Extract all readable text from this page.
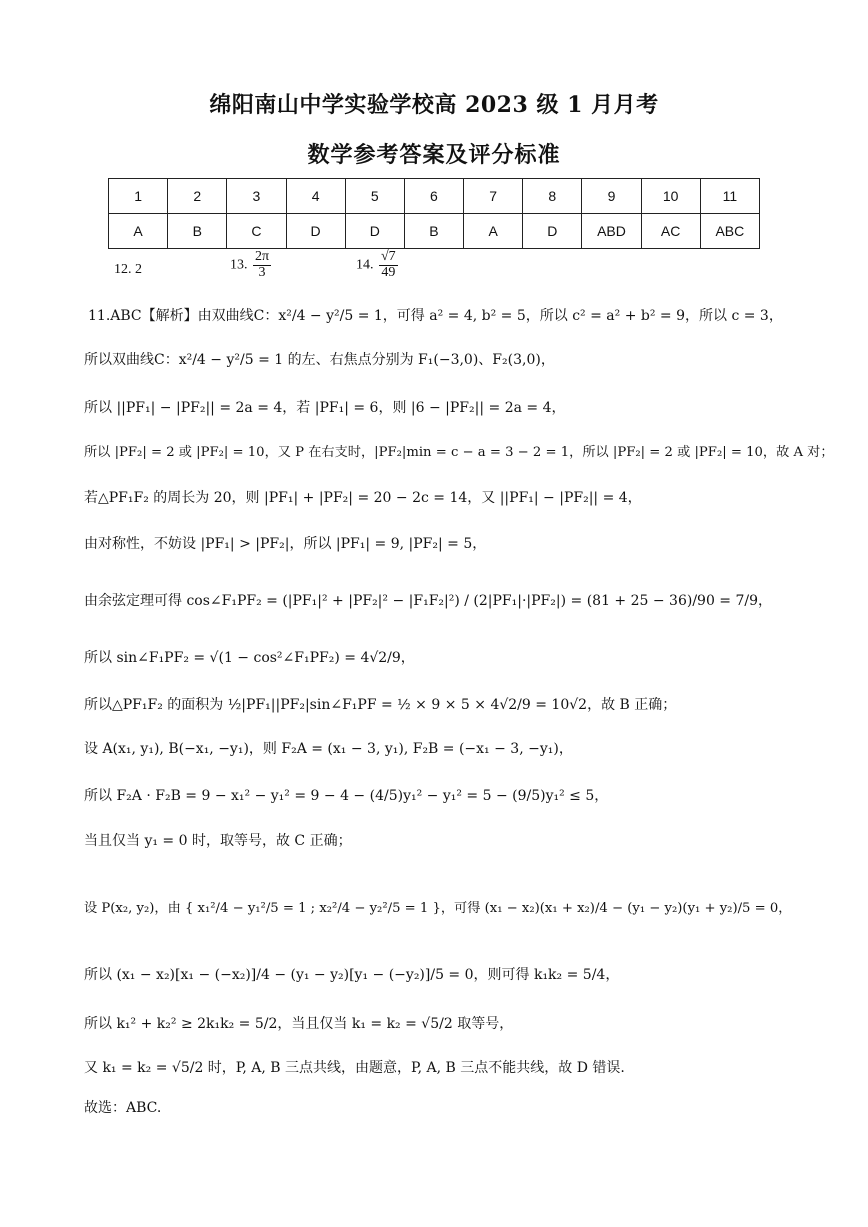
绵阳南山中学实验学校高 2023 级 1 月月考
数学参考答案及评分标准
1	2	3	4	5	6	7	8	9	10	11
A	B	C	D	D	B	A	D	ABD	AC	ABC
12. 2	13. $\frac{2\pi}{3}$	14. $\frac{√7}{49}$
11.ABC【解析】由双曲线C：x²/4 − y²/5 = 1，可得 a² = 4, b² = 5，所以 c² = a² + b² = 9，所以 c = 3，
所以双曲线C：x²/4 − y²/5 = 1 的左、右焦点分别为 F₁(−3,0)、F₂(3,0)，
所以 ||PF₁| − |PF₂|| = 2a = 4，若 |PF₁| = 6，则 |6 − |PF₂|| = 2a = 4，
所以 |PF₂| = 2 或 |PF₂| = 10，又 P 在右支时，|PF₂|min = c − a = 3 − 2 = 1，所以 |PF₂| = 2 或 |PF₂| = 10，故 A 对；
若△PF₁F₂ 的周长为 20，则 |PF₁| + |PF₂| = 20 − 2c = 14，又 ||PF₁| − |PF₂|| = 4，
由对称性，不妨设 |PF₁| > |PF₂|，所以 |PF₁| = 9, |PF₂| = 5，
由余弦定理可得 cos∠F₁PF₂ = (|PF₁|² + |PF₂|² − |F₁F₂|²) / (2|PF₁|·|PF₂|) = (81 + 25 − 36)/90 = 7/9，
所以 sin∠F₁PF₂ = √(1 − cos²∠F₁PF₂) = 4√2/9，
所以△PF₁F₂ 的面积为 ½|PF₁||PF₂|sin∠F₁PF = ½ × 9 × 5 × 4√2/9 = 10√2，故 B 正确；
设 A(x₁, y₁), B(−x₁, −y₁)，则 F₂A = (x₁ − 3, y₁), F₂B = (−x₁ − 3, −y₁)，
所以 F₂A · F₂B = 9 − x₁² − y₁² = 9 − 4 − (4/5)y₁² − y₁² = 5 − (9/5)y₁² ≤ 5，
当且仅当 y₁ = 0 时，取等号，故 C 正确；
设 P(x₂, y₂)，由 { x₁²/4 − y₁²/5 = 1 ; x₂²/4 − y₂²/5 = 1 }，可得 (x₁ − x₂)(x₁ + x₂)/4 − (y₁ − y₂)(y₁ + y₂)/5 = 0，
所以 (x₁ − x₂)[x₁ − (−x₂)]/4 − (y₁ − y₂)[y₁ − (−y₂)]/5 = 0，则可得 k₁k₂ = 5/4，
所以 k₁² + k₂² ≥ 2k₁k₂ = 5/2，当且仅当 k₁ = k₂ = √5/2 取等号，
又 k₁ = k₂ = √5/2 时，P, A, B 三点共线，由题意，P, A, B 三点不能共线，故 D 错误.
故选：ABC.
